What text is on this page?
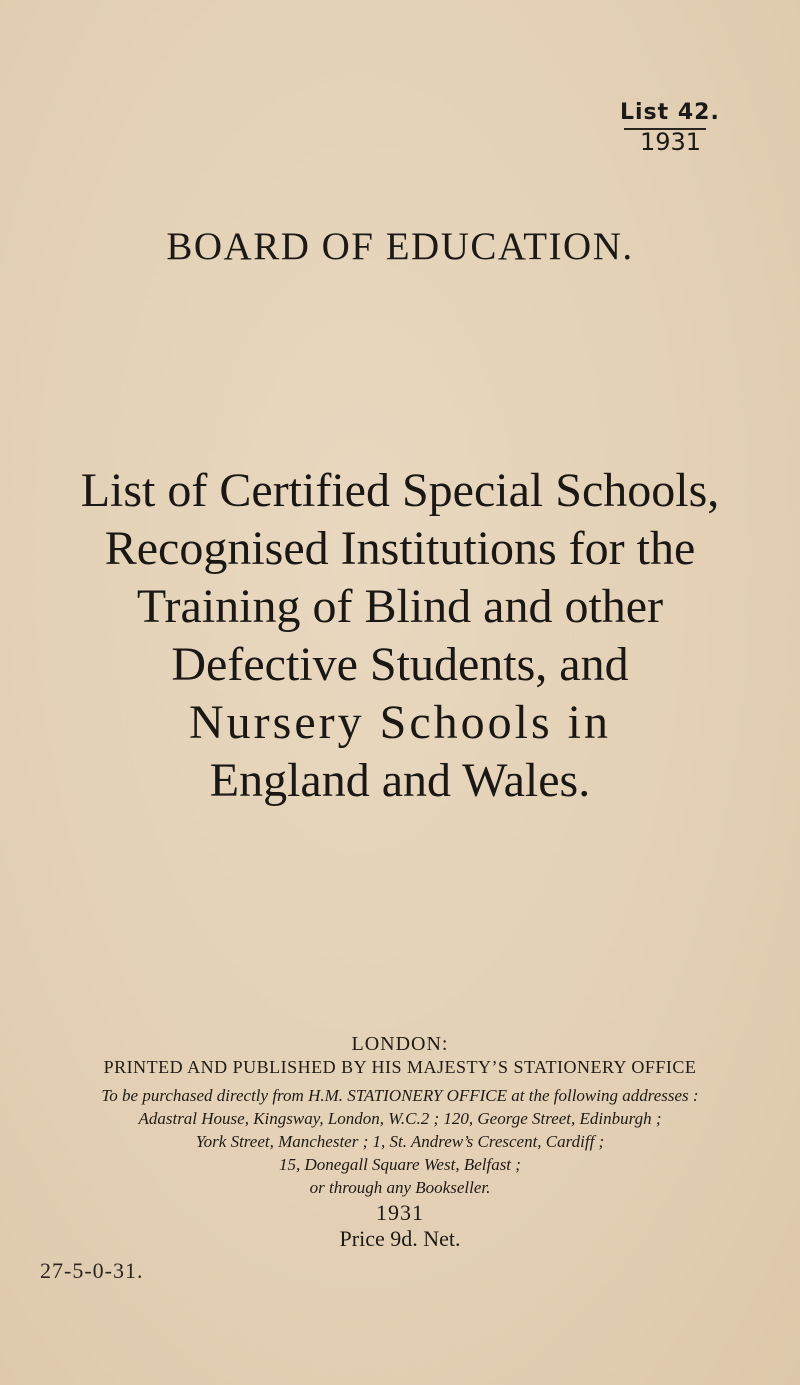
List 42.
1931
BOARD OF EDUCATION.
List of Certified Special Schools,
Recognised Institutions for the
Training of Blind and other
Defective Students, and
Nursery Schools in
England and Wales.
LONDON:
PRINTED AND PUBLISHED BY HIS MAJESTY’S STATIONERY OFFICE
To be purchased directly from H.M. STATIONERY OFFICE at the following addresses :
Adastral House, Kingsway, London, W.C.2 ; 120, George Street, Edinburgh ;
York Street, Manchester ; 1, St. Andrew’s Crescent, Cardiff ;
15, Donegall Square West, Belfast ;
or through any Bookseller.
1931
Price 9d. Net.
27-5-0-31.
